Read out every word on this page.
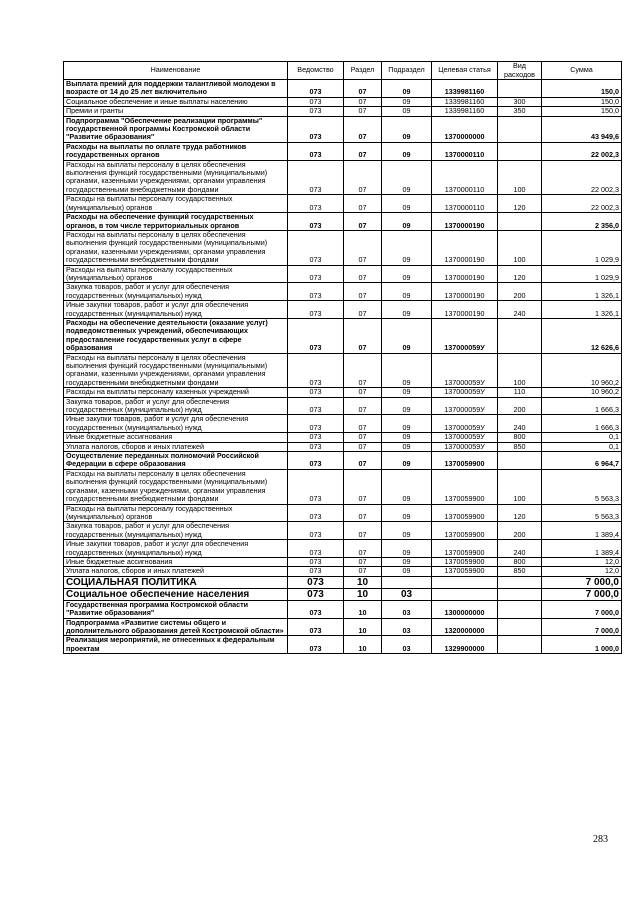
Наименование	Ведомство	Раздел	Подраздел	Целевая статья	Вид расходов	Сумма
Выплата премий для поддержки талантливой молодежи в возрасте от 14 до 25 лет включительно	073	07	09	1339981160		150,0
Социальное обеспечение и иные выплаты населению	073	07	09	1339981160	300	150,0
Премии и гранты	073	07	09	1339981160	350	150,0
Подпрограмма "Обеспечение реализации программы" государственной программы Костромской области "Развитие образования"	073	07	09	1370000000		43 949,6
Расходы на выплаты по оплате труда работников государственных органов	073	07	09	1370000110		22 002,3
Расходы на выплаты персоналу в целях обеспечения выполнения функций государственными (муниципальными) органами, казенными учреждениями, органами управления государственными внебюджетными фондами	073	07	09	1370000110	100	22 002,3
Расходы на выплаты персоналу государственных (муниципальных) органов	073	07	09	1370000110	120	22 002,3
Расходы на обеспечение функций государственных органов, в том числе территориальных органов	073	07	09	1370000190		2 356,0
Расходы на выплаты персоналу в целях обеспечения выполнения функций государственными (муниципальными) органами, казенными учреждениями, органами управления государственными внебюджетными фондами	073	07	09	1370000190	100	1 029,9
Расходы на выплаты персоналу государственных (муниципальных) органов	073	07	09	1370000190	120	1 029,9
Закупка товаров, работ и услуг для обеспечения государственных (муниципальных) нужд	073	07	09	1370000190	200	1 326,1
Иные закупки товаров, работ и услуг для обеспечения государственных (муниципальных) нужд	073	07	09	1370000190	240	1 326,1
Расходы на обеспечение деятельности (оказание услуг) подведомственных учреждений, обеспечивающих предоставление государственных услуг в сфере образования	073	07	09	137000059У		12 626,6
Расходы на выплаты персоналу в целях обеспечения выполнения функций государственными (муниципальными) органами, казенными учреждениями, органами управления государственными внебюджетными фондами	073	07	09	137000059У	100	10 960,2
Расходы на выплаты персоналу казенных учреждений	073	07	09	137000059У	110	10 960,2
Закупка товаров, работ и услуг для обеспечения государственных (муниципальных) нужд	073	07	09	137000059У	200	1 666,3
Иные закупки товаров, работ и услуг для обеспечения государственных (муниципальных) нужд	073	07	09	137000059У	240	1 666,3
Иные бюджетные ассигнования	073	07	09	137000059У	800	0,1
Уплата налогов, сборов и иных платежей	073	07	09	137000059У	850	0,1
Осуществление переданных полномочий Российской Федерации в сфере образования	073	07	09	1370059900		6 964,7
Расходы на выплаты персоналу в целях обеспечения выполнения функций государственными (муниципальными) органами, казенными учреждениями, органами управления государственными внебюджетными фондами	073	07	09	1370059900	100	5 563,3
Расходы на выплаты персоналу государственных (муниципальных) органов	073	07	09	1370059900	120	5 563,3
Закупка товаров, работ и услуг для обеспечения государственных (муниципальных) нужд	073	07	09	1370059900	200	1 389,4
Иные закупки товаров, работ и услуг для обеспечения государственных (муниципальных) нужд	073	07	09	1370059900	240	1 389,4
Иные бюджетные ассигнования	073	07	09	1370059900	800	12,0
Уплата налогов, сборов и иных платежей	073	07	09	1370059900	850	12,0
СОЦИАЛЬНАЯ ПОЛИТИКА	073	10				7 000,0
Социальное обеспечение населения	073	10	03			7 000,0
Государственная программа Костромской области "Развитие образования"	073	10	03	1300000000		7 000,0
Подпрограмма «Развитие системы общего и дополнительного образования детей Костромской области»	073	10	03	1320000000		7 000,0
Реализация мероприятий, не отнесенных к федеральным проектам	073	10	03	1329900000		1 000,0
283
